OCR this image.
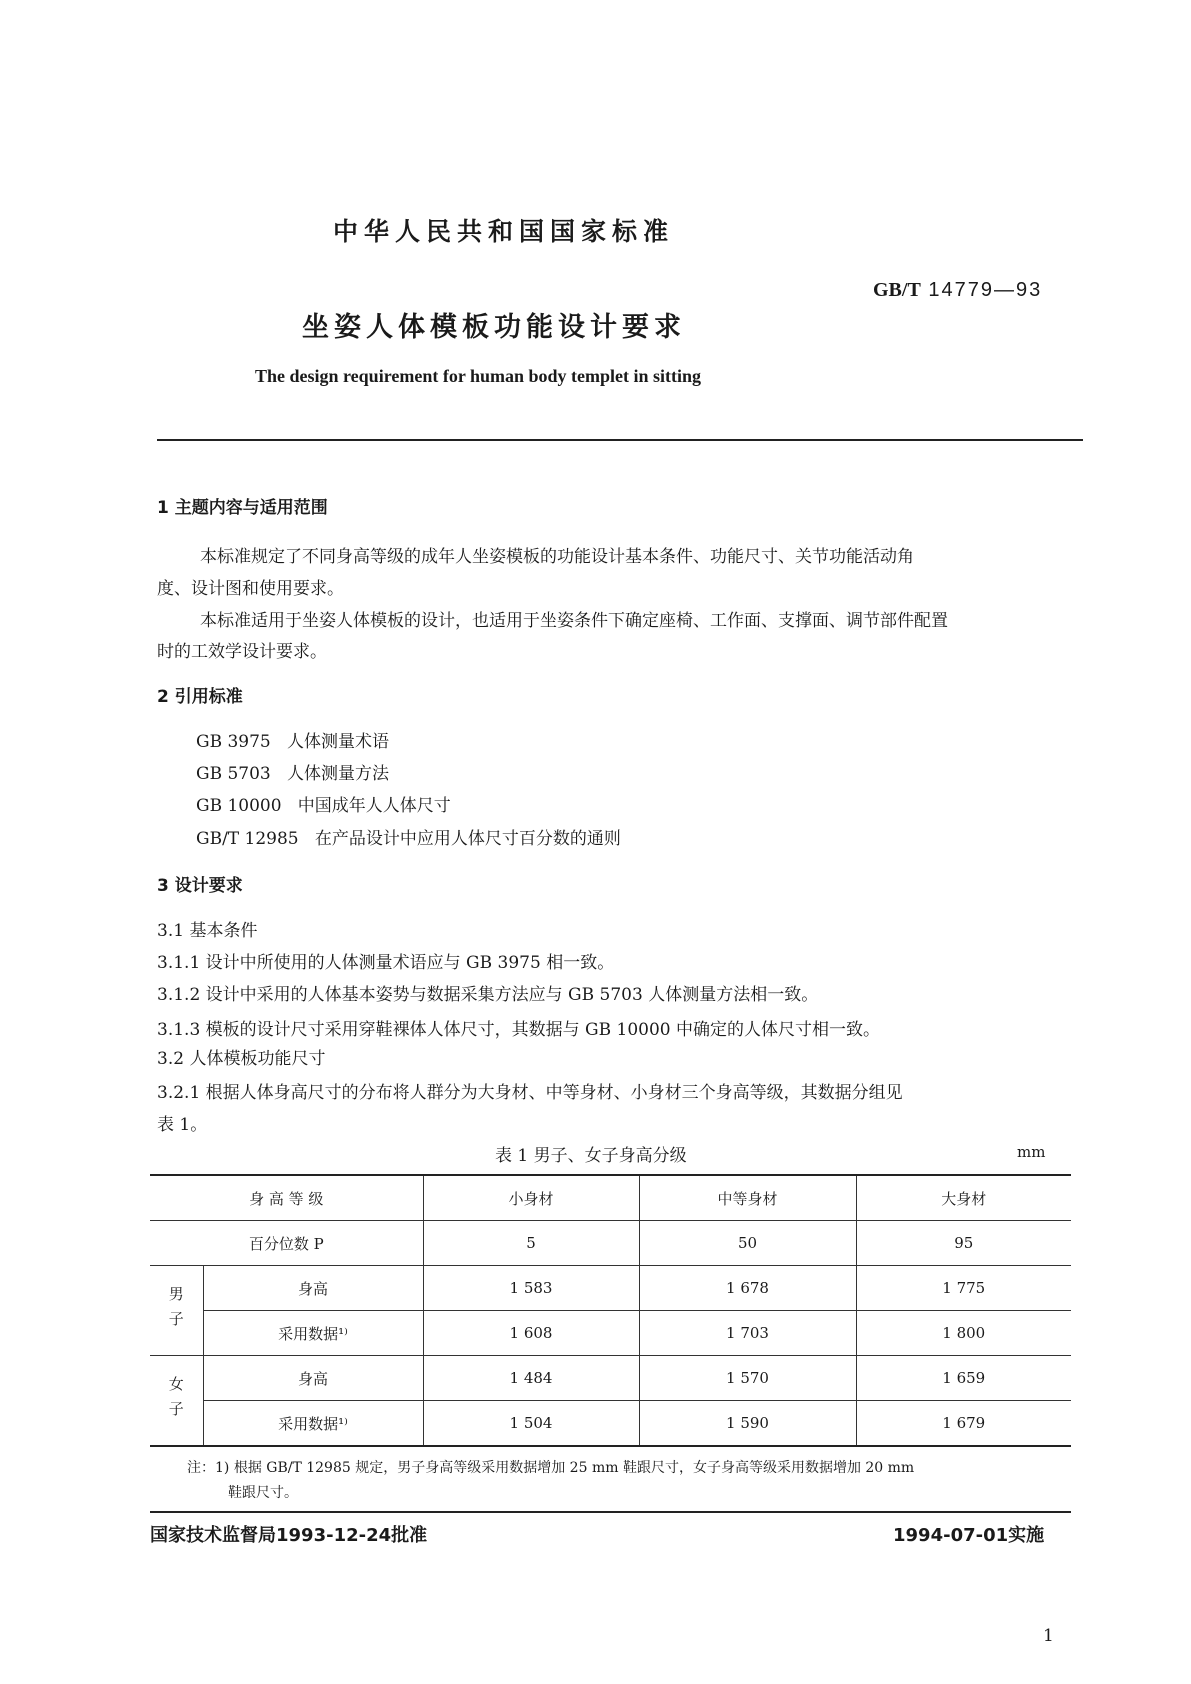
中华人民共和国国家标准
GB/T 14779—93
坐姿人体模板功能设计要求
The design requirement for human body templet in sitting
1 主题内容与适用范围
本标准规定了不同身高等级的成年人坐姿模板的功能设计基本条件、功能尺寸、关节功能活动角
度、设计图和使用要求。
本标准适用于坐姿人体模板的设计，也适用于坐姿条件下确定座椅、工作面、支撑面、调节部件配置
时的工效学设计要求。
2 引用标准
GB 3975 人体测量术语
GB 5703 人体测量方法
GB 10000 中国成年人人体尺寸
GB/T 12985 在产品设计中应用人体尺寸百分数的通则
3 设计要求
3.1 基本条件
3.1.1 设计中所使用的人体测量术语应与 GB 3975 相一致。
3.1.2 设计中采用的人体基本姿势与数据采集方法应与 GB 5703 人体测量方法相一致。
3.1.3 模板的设计尺寸采用穿鞋裸体人体尺寸，其数据与 GB 10000 中确定的人体尺寸相一致。
3.2 人体模板功能尺寸
3.2.1 根据人体身高尺寸的分布将人群分为大身材、中等身材、小身材三个身高等级，其数据分组见
表 1。
表 1 男子、女子身高分级	mm
身 高 等 级		小身材	中等身材	大身材
百分位数 P		5	50	95
男子	身高	1 583	1 678	1 775
	采用数据¹⁾	1 608	1 703	1 800
女子	身高	1 484	1 570	1 659
	采用数据¹⁾	1 504	1 590	1 679
注：1) 根据 GB/T 12985 规定，男子身高等级采用数据增加 25 mm 鞋跟尺寸，女子身高等级采用数据增加 20 mm
鞋跟尺寸。
国家技术监督局1993-12-24批准	1994-07-01实施
1
